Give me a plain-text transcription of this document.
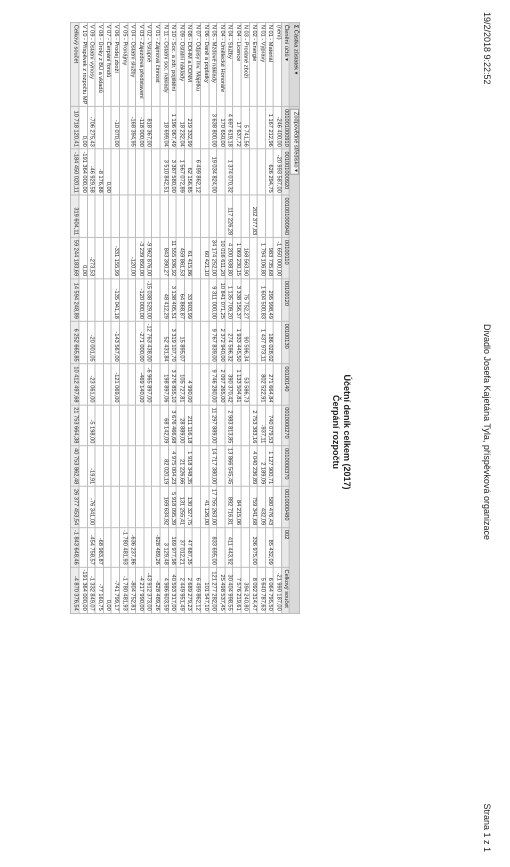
19/2/2018 9:22:52
Divadlo Josefa Kajetána Tyla, příspěvková organizace
Strana 1 z 1
Účetní deník celkem (2017)
Čerpání rozpočtu
Σ Částka zůstatek ▾	Zodpovědné středisko ▾											
Členění účtů ▾	001001000910	001001000920	001001000940	00100110	00100120	00100130	00100140	0010000270	0010000370	0010000480	002	Celkový součet
(není)	-246 400,00	-20 993 587,00		-1 650 000,00								-21 990 187,00
N 01 - Materiál	1 167 212,96	626 294,75		983 735,68	295 998,49	186 028,02	271 664,84	740 079,53	1 127 900,71	580 476,43	85 432,09	6 064 795,50
N 01 - Výpravy				1 794 106,80	1 604 500,83	1 437 973,11	802 522,91	-937,11	2 189,09	432,09		5 640 787,63
N 02 - Energie			202 377,83					2 753 383,16	4 040 236,89	759 341,68	336 975,00	8 092 314,47
N 03 - Prodané zboží	5 741,56			168 563,90	75 752,27	90 596,34	53 586,73					394 240,80
N 04 - Licence	17 637,72			1 069 230,15	3 338 156,37	1 933 445,50	1 133 504,81			84 215,06		7 576 219,61
N 04 - Služby	4 697 619,18	1 374 070,32	117 226,28	4 200 938,80	1 135 709,20	274 596,32	390 370,42	2 983 813,85	13 866 545,45	892 716,81	411 443,92	30 404 998,55
N 04 - Umělecké Honoráře	170 650,00			10 016 611,20	10 841 071,25	2 372 940,00	2 097 265,00					25 498 537,45
N 05 - Mzdové náklady	3 638 800,00	19 034 824,00		34 174 252,00	9 311 000,00	9 767 839,00	9 746 280,00	11 297 889,00	14 717 380,00	17 755 263,00	833 695,00	121 277 282,00
N 06 - Daně a poplatky				60 421,10						41 126,00		101 547,10
N 07 - Odpisy Inv. Majetku		6 499 862,12										6 499 862,12
N 08 - DDHM a DDNM	219 332,99	62 156,85		61 415,86	33 903,99		4 990,00	211 116,18	1 918 348,35	130 327,75	47 687,35	2 689 279,23
N 09 - Ostatní náklady	18 232,04	1 567 072,89		459 861,53	64 868,87	15 895,07	105 727,81	28 889,00	21 226,66	131 255,41	37 012,21	2 449 951,49
N 10 - Soc. a zdr. pojištění	1 196 067,49	3 387 580,00		11 555 936,92	3 138 405,51	3 319 107,70	3 276 855,10	3 676 466,68	4 975 004,23	5 918 095,39	169 977,98	40 593 317,00
N 11 - Ostatní soc. náklady	18 699,04	3 510 842,51		843 390,27	48 412,29	52 431,84	198 897,06	68 142,09	82 020,19	169 634,92	3 129,48	4 986 603,59
V 01 - Zájmová činnost											-828 489,26	-828 489,26
V 02 - Vstupné	818 367,00			-9 962 876,00	-15 038 529,00	-12 763 438,00	-6 965 897,00					-43 912 373,00
V 03 - Zájezdová představení	-118 000,00			-3 239 850,00	-120 000,00	-271 000,00	-469 140,00					-4 217 990,00
V 04 - Ostatní služby	-168 394,95			-120,00							-636 237,86	-804 752,81
V 05 - Pronájmy											-1 780 481,93	-1 780 481,93
V 06 - Prodej zboží	-10 070,00			-331 155,99	-135 041,18	-143 567,00	-121 069,00					-741 799,17
V 07 - Čerpání fondů		0,00										0,00
V 08 - Úroky z BÚ a vkladů		-8 176,88									-68 983,87	-77 160,75
V 09 - Ostatní výnosy	-706 275,43	-46 929,58		-273,53		-20 001,05	-23 061,00	-5 198,00	-19,91	-76 341,00	-454 758,57	-1 332 849,07
V 10 - Příspěvek z rozpočtu MP	0,00	-191 364 000,00		0,00								-191 364 000,00
Celkový součet	10 718 120,41	-184 450 020,11	319 604,11	59 244 183,69	14 594 248,89	6 252 665,85	10 412 497,68	21 753 664,38	40 753 862,48	26 377 453,54	-1 843 648,46	-4 870 376,54
